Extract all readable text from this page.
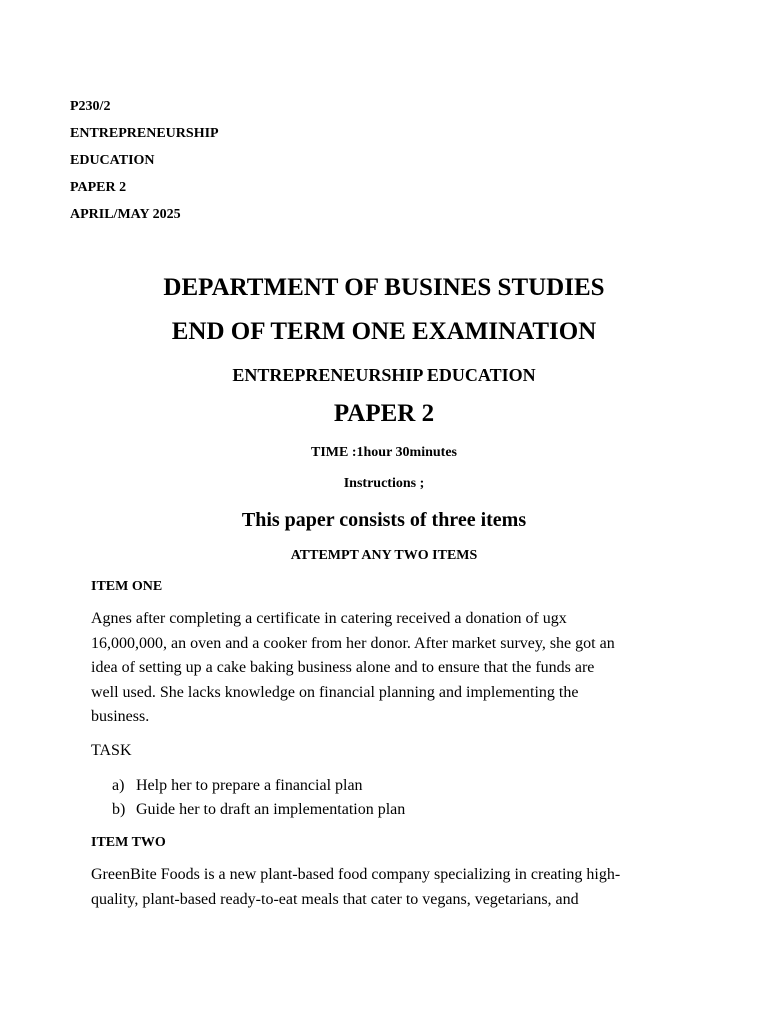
P230/2
ENTREPRENEURSHIP
EDUCATION
PAPER 2
APRIL/MAY 2025
DEPARTMENT OF BUSINES STUDIES
END OF TERM ONE EXAMINATION
ENTREPRENEURSHIP EDUCATION
PAPER 2
TIME :1hour 30minutes
Instructions ;
This paper consists of three items
ATTEMPT ANY TWO ITEMS
ITEM ONE
Agnes after completing a certificate in catering received a donation of ugx
16,000,000, an oven and a cooker from her donor. After market survey, she got an
idea of setting up a cake baking business alone and to ensure that the funds are
well used. She lacks knowledge on financial planning and implementing the
business.
TASK
a) Help her to prepare a financial plan
b) Guide her to draft an implementation plan
ITEM TWO
GreenBite Foods is a new plant-based food company specializing in creating high-
quality, plant-based ready-to-eat meals that cater to vegans, vegetarians, and
